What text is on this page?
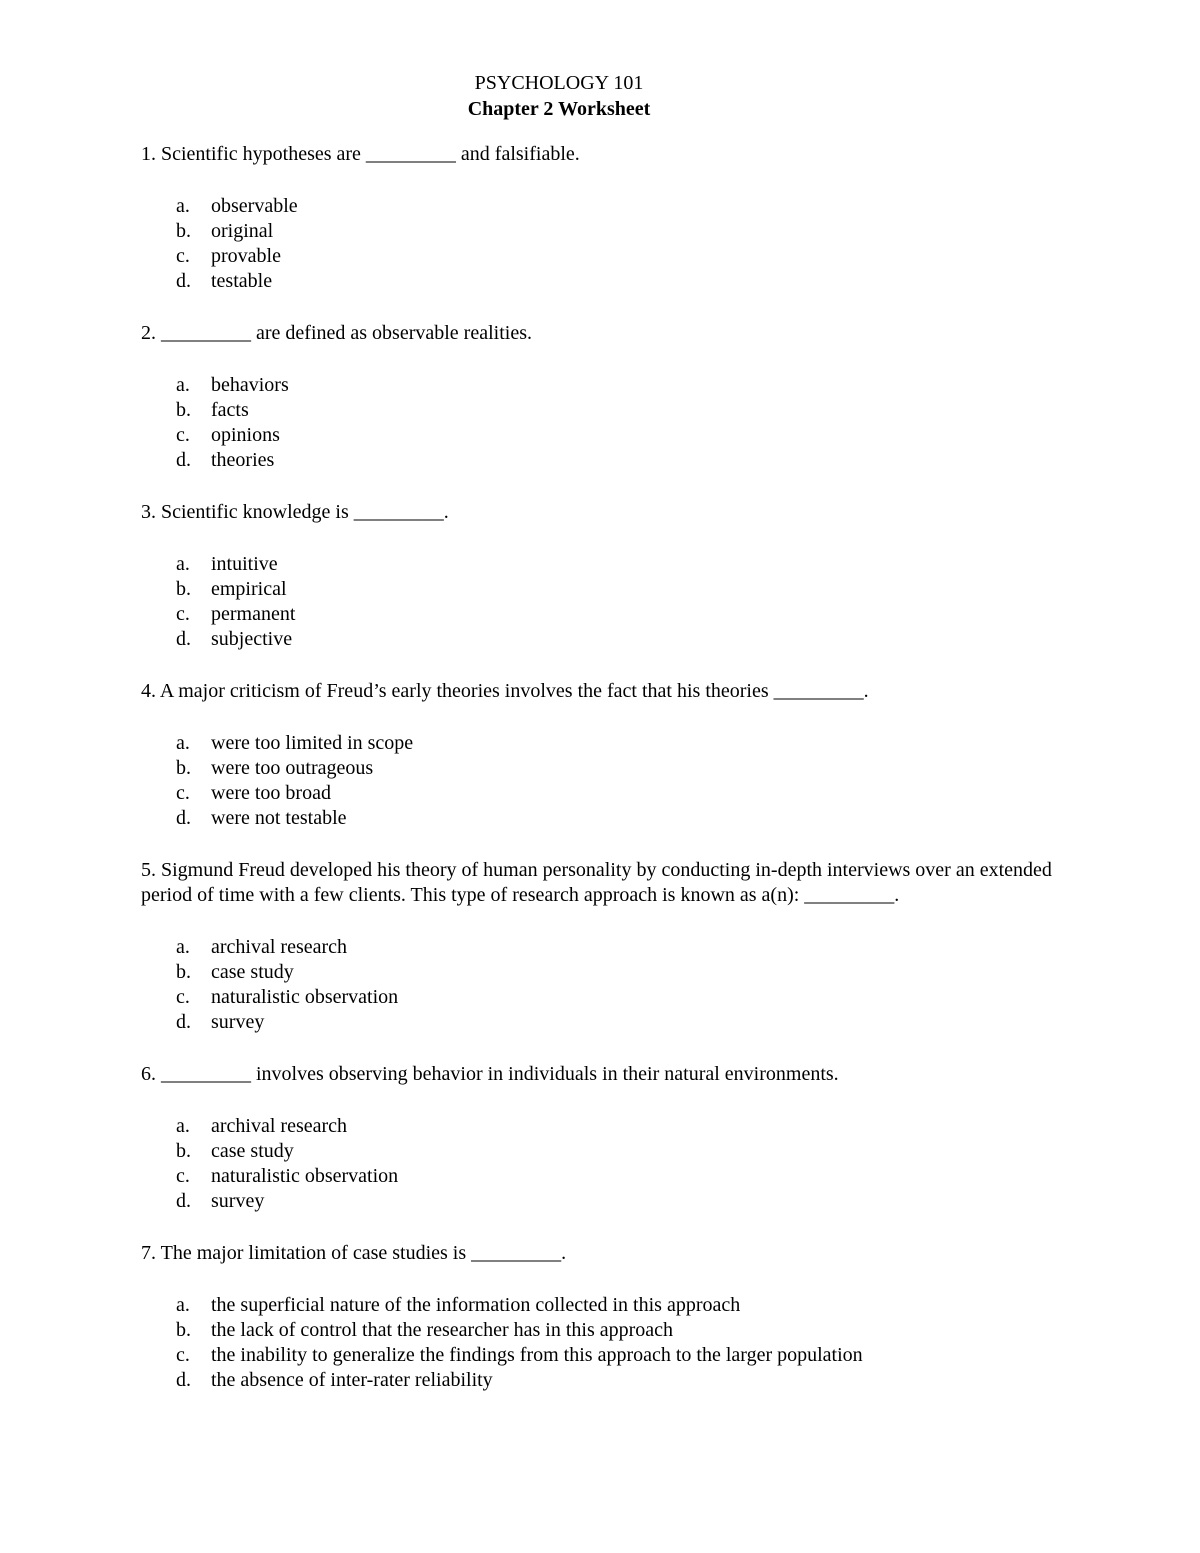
PSYCHOLOGY 101
Chapter 2 Worksheet
1. Scientific hypotheses are _________ and falsifiable.
a.	observable
b.	original
c.	provable
d.	testable
2. _________ are defined as observable realities.
a.	behaviors
b.	facts
c.	opinions
d.	theories
3. Scientific knowledge is _________.
a.	intuitive
b.	empirical
c.	permanent
d.	subjective
4. A major criticism of Freud’s early theories involves the fact that his theories _________.
a.	were too limited in scope
b.	were too outrageous
c.	were too broad
d.	were not testable
5. Sigmund Freud developed his theory of human personality by conducting in-depth interviews over an extended period of time with a few clients. This type of research approach is known as a(n): _________.
a.	archival research
b.	case study
c.	naturalistic observation
d.	survey
6. _________ involves observing behavior in individuals in their natural environments.
a.	archival research
b.	case study
c.	naturalistic observation
d.	survey
7. The major limitation of case studies is _________.
a.	the superficial nature of the information collected in this approach
b.	the lack of control that the researcher has in this approach
c.	the inability to generalize the findings from this approach to the larger population
d.	the absence of inter-rater reliability
